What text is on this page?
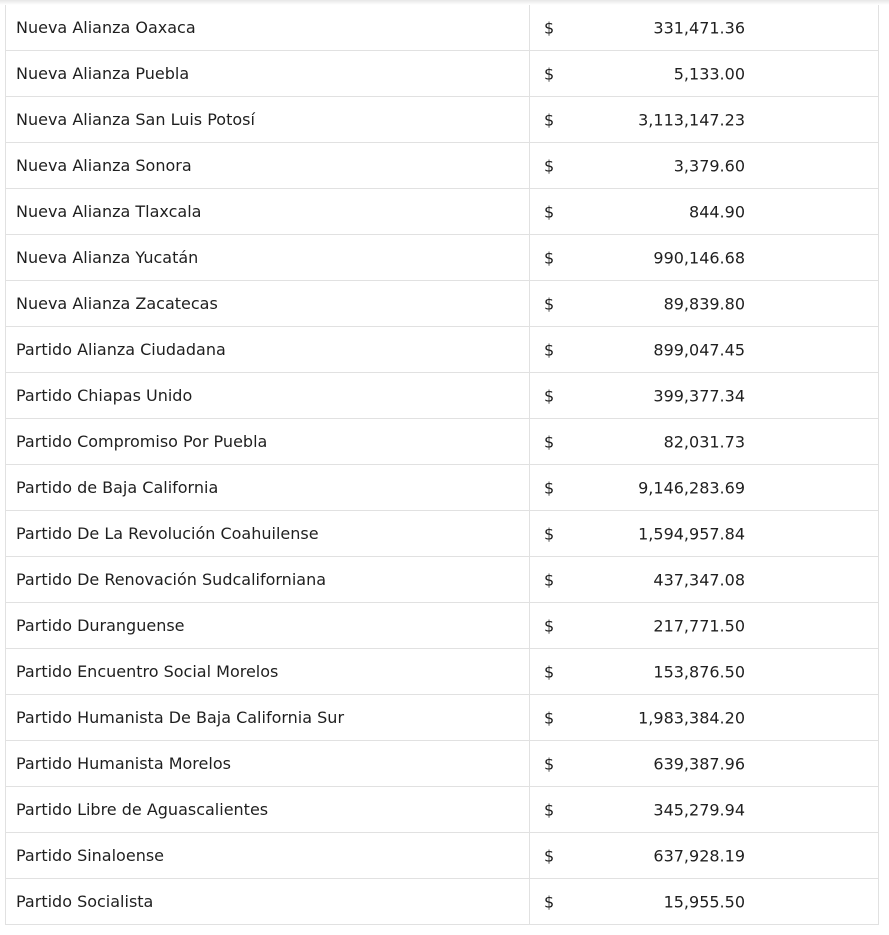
Nueva Alianza Oaxaca	$ 331,471.36

Nueva Alianza Puebla	$ 5,133.00

Nueva Alianza San Luis Potosí	$ 3,113,147.23

Nueva Alianza Sonora	$ 3,379.60

Nueva Alianza Tlaxcala	$ 844.90

Nueva Alianza Yucatán	$ 990,146.68

Nueva Alianza Zacatecas	$ 89,839.80

Partido Alianza Ciudadana	$ 899,047.45

Partido Chiapas Unido	$ 399,377.34

Partido Compromiso Por Puebla	$ 82,031.73

Partido de Baja California	$ 9,146,283.69

Partido De La Revolución Coahuilense	$ 1,594,957.84

Partido De Renovación Sudcaliforniana	$ 437,347.08

Partido Duranguense	$ 217,771.50

Partido Encuentro Social Morelos	$ 153,876.50

Partido Humanista De Baja California Sur	$ 1,983,384.20

Partido Humanista Morelos	$ 639,387.96

Partido Libre de Aguascalientes	$ 345,279.94

Partido Sinaloense	$ 637,928.19

Partido Socialista	$ 15,955.50
